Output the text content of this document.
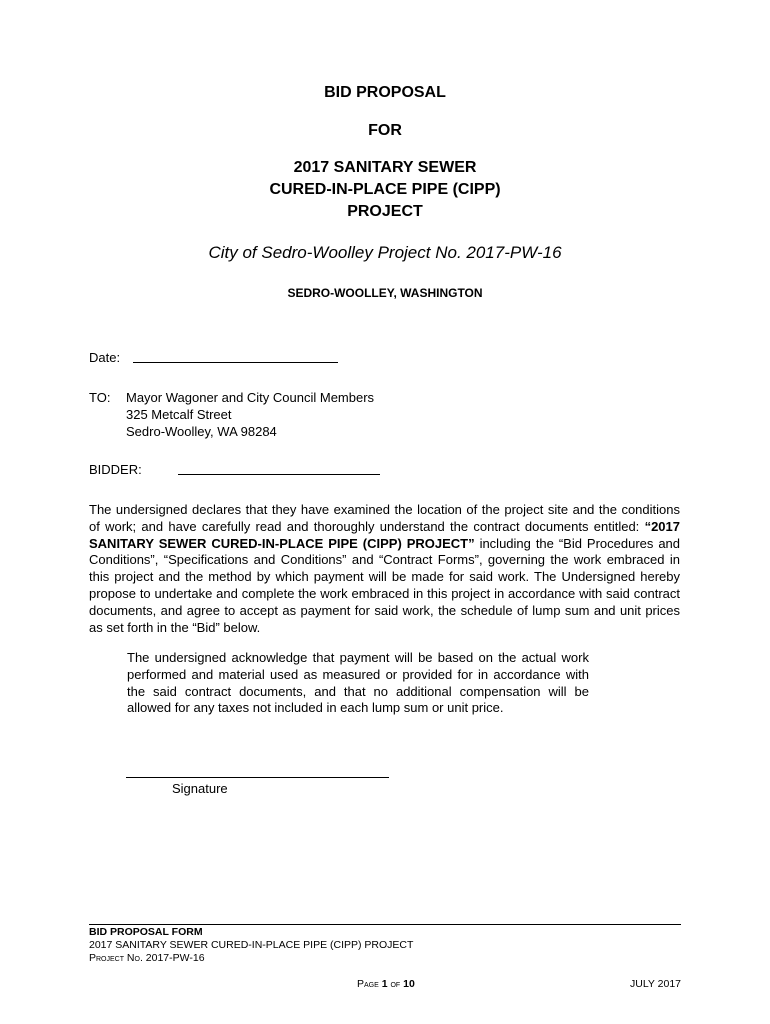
BID PROPOSAL
FOR
2017 SANITARY SEWER
CURED-IN-PLACE PIPE (CIPP)
PROJECT
City of Sedro-Woolley Project No. 2017-PW-16
SEDRO-WOOLLEY, WASHINGTON
Date:
TO: Mayor Wagoner and City Council Members
325 Metcalf Street
Sedro-Woolley, WA 98284
BIDDER:
The undersigned declares that they have examined the location of the project site and the conditions of work; and have carefully read and thoroughly understand the contract documents entitled: “2017 SANITARY SEWER CURED-IN-PLACE PIPE (CIPP) PROJECT” including the “Bid Procedures and Conditions”, “Specifications and Conditions” and “Contract Forms”, governing the work embraced in this project and the method by which payment will be made for said work. The Undersigned hereby propose to undertake and complete the work embraced in this project in accordance with said contract documents, and agree to accept as payment for said work, the schedule of lump sum and unit prices as set forth in the “Bid” below.
The undersigned acknowledge that payment will be based on the actual work performed and material used as measured or provided for in accordance with the said contract documents, and that no additional compensation will be allowed for any taxes not included in each lump sum or unit price.
Signature
BID PROPOSAL FORM
2017 SANITARY SEWER CURED-IN-PLACE PIPE (CIPP) PROJECT
Project No. 2017-PW-16
Page 1 of 10	JULY 2017
